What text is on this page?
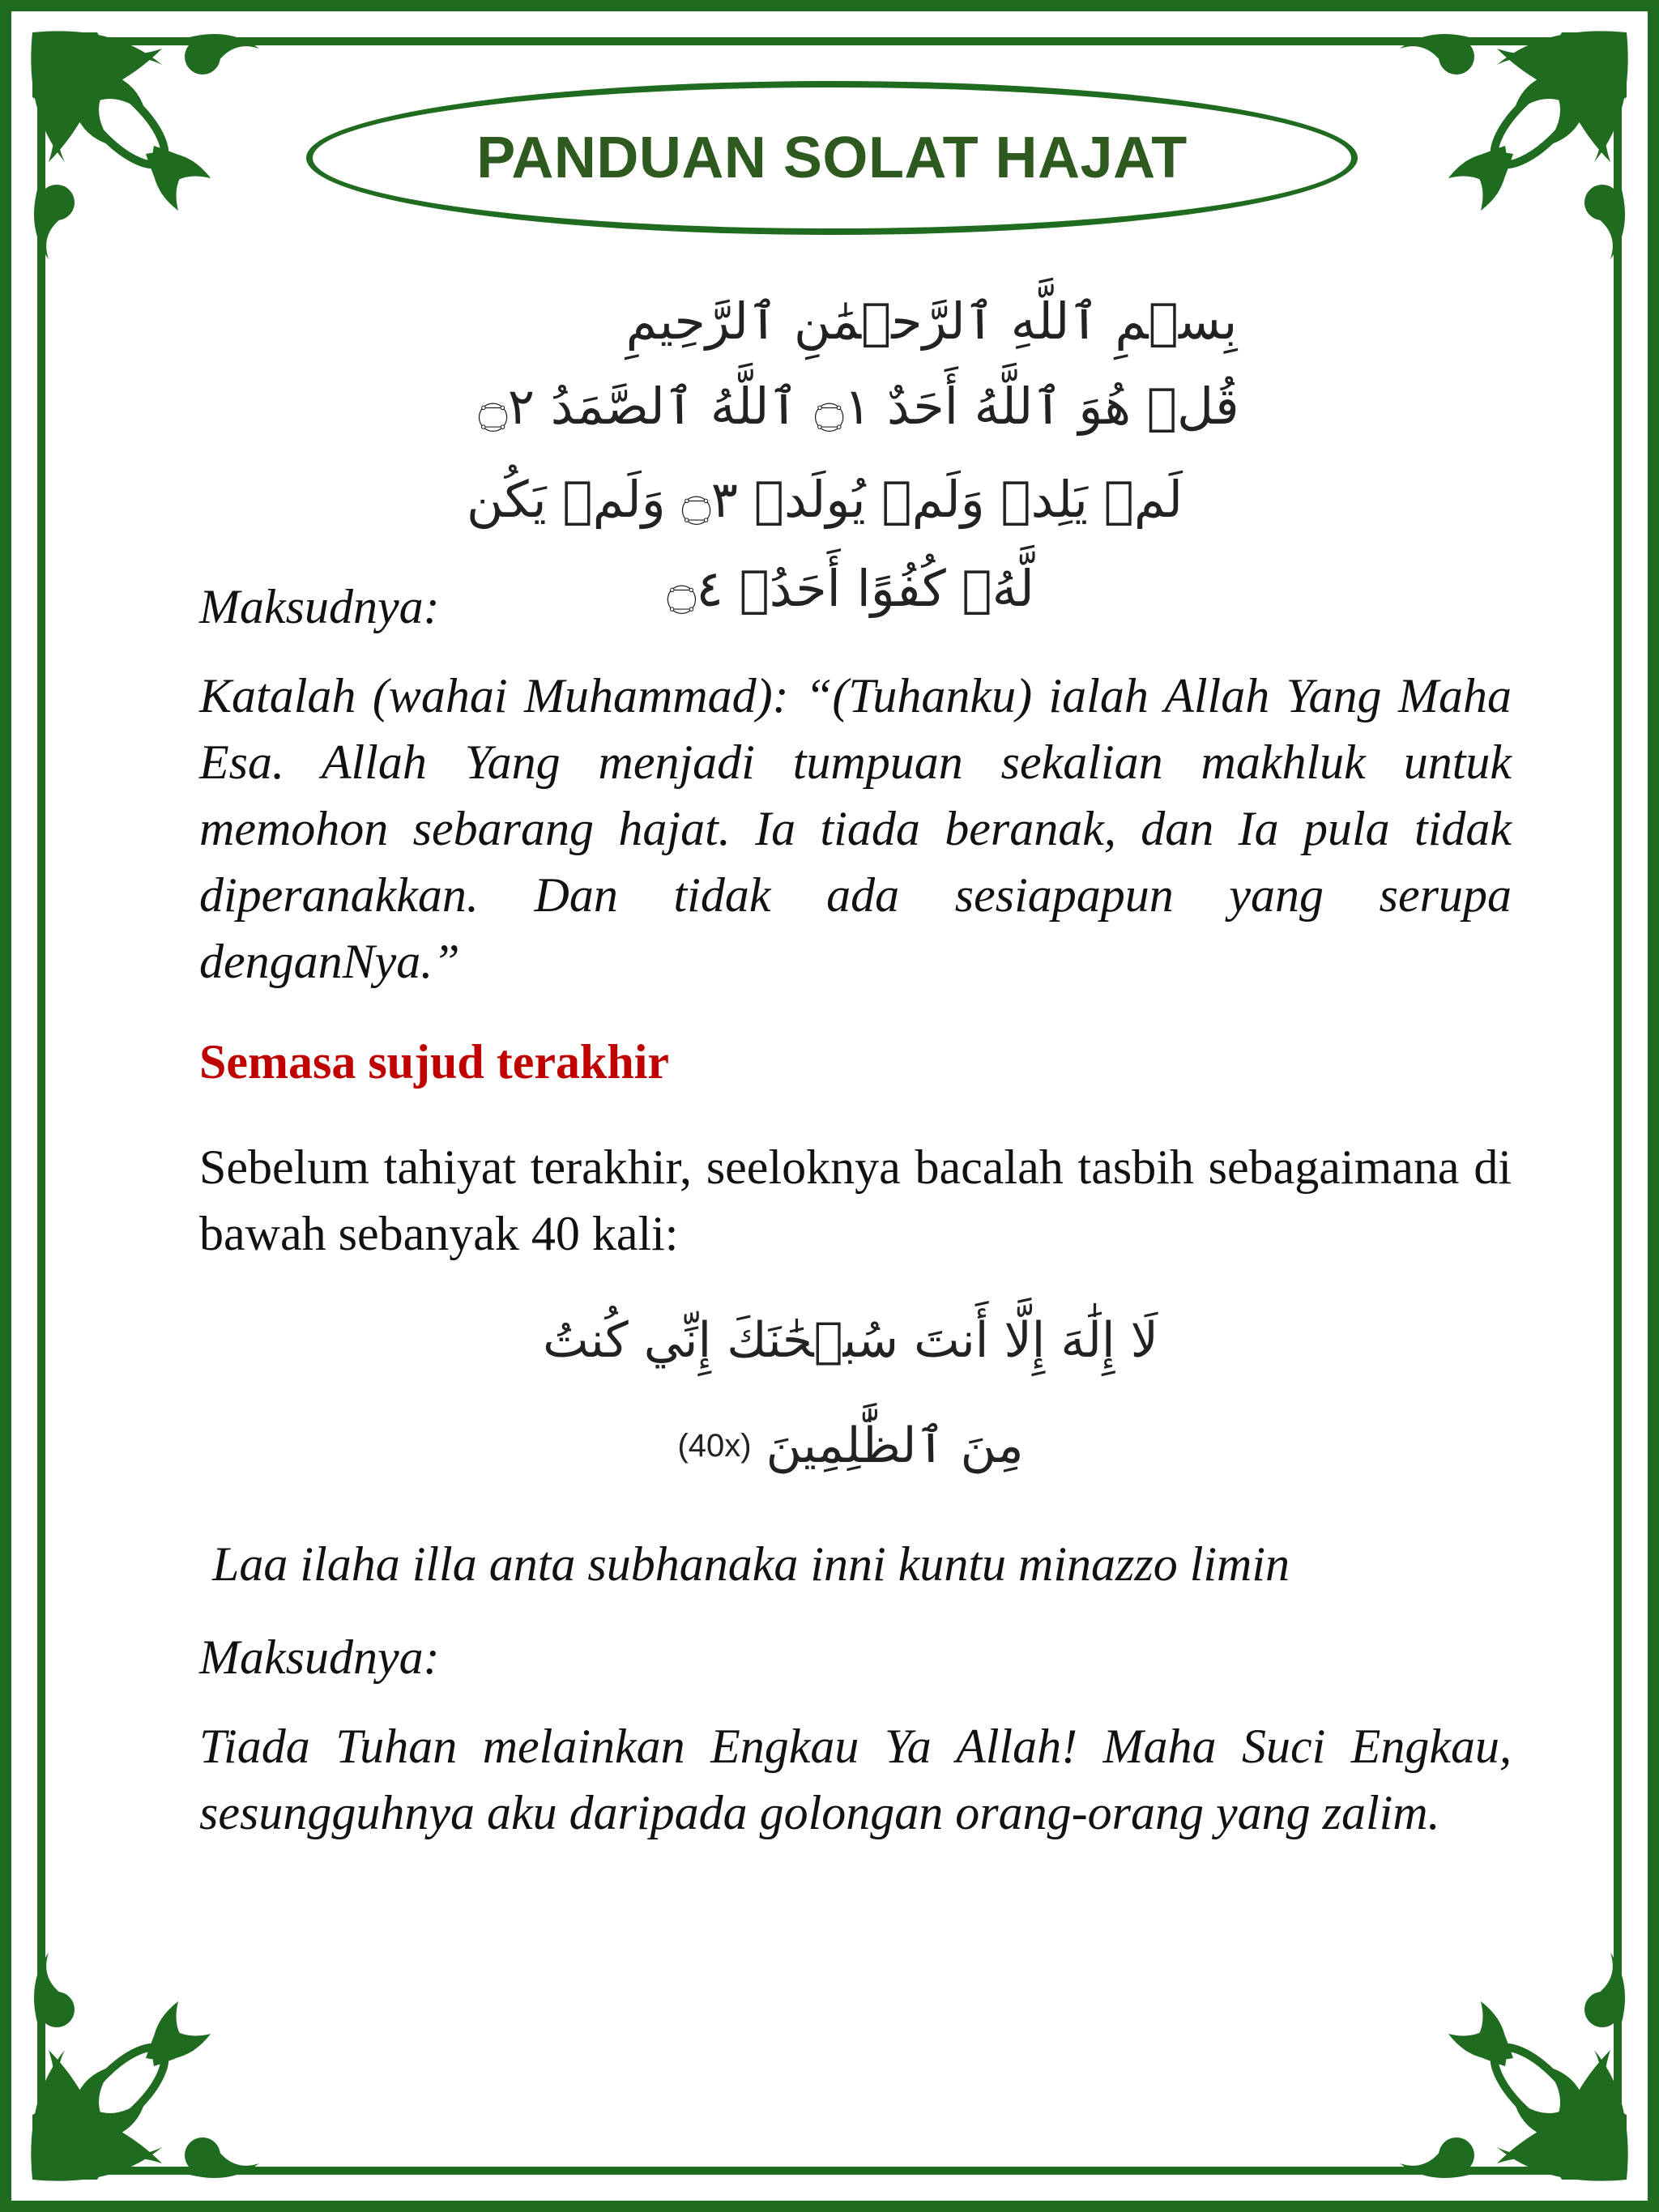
PANDUAN SOLAT HAJAT
بِسۡمِ ٱللَّهِ ٱلرَّحۡمَٰنِ ٱلرَّحِيمِ
قُلۡ هُوَ ٱللَّهُ أَحَدٌ ۝١ ٱللَّهُ ٱلصَّمَدُ ۝٢
لَمۡ يَلِدۡ وَلَمۡ يُولَدۡ ۝٣ وَلَمۡ يَكُن
لَّهُۥ كُفُوًا أَحَدُۢ ۝٤
Maksudnya:
Katalah (wahai Muhammad): “(Tuhanku) ialah Allah Yang Maha Esa. Allah Yang menjadi tumpuan sekalian makhluk untuk memohon sebarang hajat. Ia tiada beranak, dan Ia pula tidak diperanakkan. Dan tidak ada sesiapapun yang serupa denganNya.”
Semasa sujud terakhir
Sebelum tahiyat terakhir, seeloknya bacalah tasbih sebagaimana di bawah sebanyak 40 kali:
لَا إِلَٰهَ إِلَّا أَنتَ سُبۡحَٰنَكَ إِنِّي كُنتُ
(40x) مِنَ ٱلظَّٰلِمِينَ
Laa ilaha illa anta subhanaka inni kuntu minazzo limin
Maksudnya:
Tiada Tuhan melainkan Engkau Ya Allah! Maha Suci Engkau, sesungguhnya aku daripada golongan orang-orang yang zalim.
